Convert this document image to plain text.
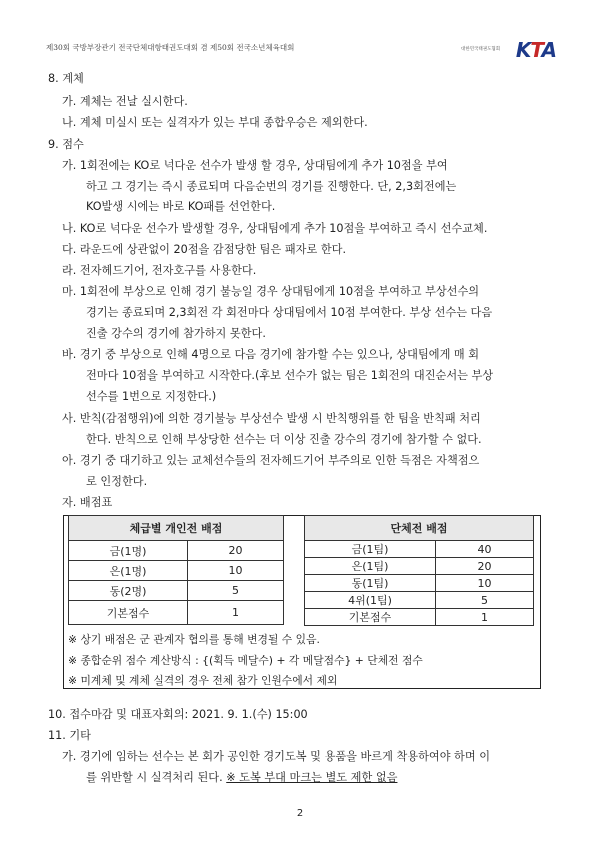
제30회 국방부장관기 전국단체대항태권도대회 겸 제50회 전국소년체육대회	대한민국태권도협회 KTA
8. 계체
가. 계체는 전날 실시한다.
나. 계체 미실시 또는 실격자가 있는 부대 종합우승은 제외한다.
9. 점수
가. 1회전에는 KO로 넉다운 선수가 발생 할 경우, 상대팀에게 추가 10점을 부여
하고 그 경기는 즉시 종료되며 다음순번의 경기를 진행한다. 단, 2,3회전에는
KO발생 시에는 바로 KO패를 선언한다.
나. KO로 넉다운 선수가 발생할 경우, 상대팀에게 추가 10점을 부여하고 즉시 선수교체.
다. 라운드에 상관없이 20점을 감점당한 팀은 패자로 한다.
라. 전자헤드기어, 전자호구를 사용한다.
마. 1회전에 부상으로 인해 경기 불능일 경우 상대팀에게 10점을 부여하고 부상선수의
경기는 종료되며 2,3회전 각 회전마다 상대팀에서 10점 부여한다. 부상 선수는 다음
진출 강수의 경기에 참가하지 못한다.
바. 경기 중 부상으로 인해 4명으로 다음 경기에 참가할 수는 있으나, 상대팀에게 매 회
전마다 10점을 부여하고 시작한다.(후보 선수가 없는 팀은 1회전의 대진순서는 부상
선수를 1번으로 지정한다.)
사. 반칙(감점행위)에 의한 경기불능 부상선수 발생 시 반칙행위를 한 팀을 반칙패 처리
한다. 반칙으로 인해 부상당한 선수는 더 이상 진출 강수의 경기에 참가할 수 없다.
아. 경기 중 대기하고 있는 교체선수들의 전자헤드기어 부주의로 인한 득점은 자책점으
로 인정한다.
자. 배점표
체급별 개인전 배점	
금(1명)	20
은(1명)	10
동(2명)	5
기본점수	1
단체전 배점	
금(1팀)	40
은(1팀)	20
동(1팀)	10
4위(1팀)	5
기본점수	1
※ 상기 배점은 군 관계자 협의를 통해 변경될 수 있음.
※ 종합순위 점수 계산방식 : {(획득 메달수) + 각 메달점수} + 단체전 점수
※ 미계체 및 계체 실격의 경우 전체 참가 인원수에서 제외
10. 접수마감 및 대표자회의: 2021. 9. 1.(수) 15:00
11. 기타
가. 경기에 임하는 선수는 본 회가 공인한 경기도복 및 용품을 바르게 착용하여야 하며 이
를 위반할 시 실격처리 된다. ※ 도복 부대 마크는 별도 제한 없음
2
